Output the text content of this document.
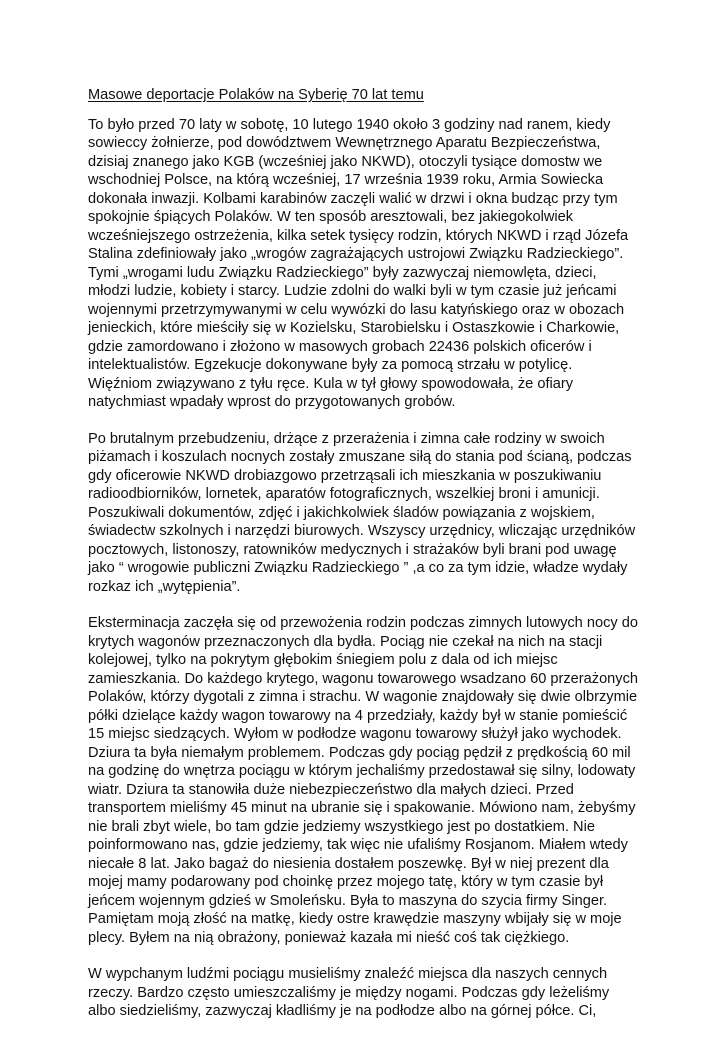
Masowe deportacje Polaków na Syberię 70 lat temu

To było przed 70 laty w sobotę, 10 lutego 1940 około 3 godziny nad ranem, kiedy
sowieccy żołnierze, pod dowództwem Wewnętrznego Aparatu Bezpieczeństwa,
dzisiaj znanego jako KGB (wcześniej jako NKWD), otoczyli tysiące domostw we
wschodniej Polsce, na którą wcześniej, 17 września 1939 roku, Armia Sowiecka
dokonała inwazji. Kolbami karabinów zaczęli walić w drzwi i okna budząc przy tym
spokojnie śpiących Polaków. W ten sposób aresztowali, bez jakiegokolwiek
wcześniejszego ostrzeżenia, kilka setek tysięcy rodzin, których NKWD i rząd Józefa
Stalina zdefiniowały jako „wrogów zagrażających ustrojowi Związku Radzieckiego”.
Tymi „wrogami ludu Związku Radzieckiego” były zazwyczaj niemowlęta, dzieci,
młodzi ludzie, kobiety i starcy. Ludzie zdolni do walki byli w tym czasie już jeńcami
wojennymi przetrzymywanymi w celu wywózki do lasu katyńskiego oraz w obozach
jenieckich, które mieściły się w Kozielsku, Starobielsku i Ostaszkowie i Charkowie,
gdzie zamordowano i złożono w masowych grobach 22436 polskich oficerów i
intelektualistów. Egzekucje dokonywane były za pomocą strzału w potylicę.
Więźniom związywano z tyłu ręce. Kula w tył głowy spowodowała, że ofiary
natychmiast wpadały wprost do przygotowanych grobów.

Po brutalnym przebudzeniu, drżące z przerażenia i zimna całe rodziny w swoich
piżamach i koszulach nocnych zostały zmuszane siłą do stania pod ścianą, podczas
gdy oficerowie NKWD drobiazgowo przetrząsali ich mieszkania w poszukiwaniu
radioodbiorników, lornetek, aparatów fotograficznych, wszelkiej broni i amunicji.
Poszukiwali dokumentów, zdjęć i jakichkolwiek śladów powiązania z wojskiem,
świadectw szkolnych i narzędzi biurowych. Wszyscy urzędnicy, wliczając urzędników
pocztowych, listonoszy, ratowników medycznych i strażaków byli brani pod uwagę
jako “ wrogowie publiczni Związku Radzieckiego ” ,a co za tym idzie, władze wydały
rozkaz ich „wytępienia”.

Eksterminacja zaczęła się od przewożenia rodzin podczas zimnych lutowych nocy do
krytych wagonów przeznaczonych dla bydła. Pociąg nie czekał na nich na stacji
kolejowej, tylko na pokrytym głębokim śniegiem polu z dala od ich miejsc
zamieszkania. Do każdego krytego, wagonu towarowego wsadzano 60 przerażonych
Polaków, którzy dygotali z zimna i strachu. W wagonie znajdowały się dwie olbrzymie
półki dzielące każdy wagon towarowy na 4 przedziały, każdy był w stanie pomieścić
15 miejsc siedzących. Wyłom w podłodze wagonu towarowy służył jako wychodek.
Dziura ta była niemałym problemem. Podczas gdy pociąg pędził z prędkością 60 mil
na godzinę do wnętrza pociągu w którym jechaliśmy przedostawał się silny, lodowaty
wiatr. Dziura ta stanowiła duże niebezpieczeństwo dla małych dzieci. Przed
transportem mieliśmy 45 minut na ubranie się i spakowanie. Mówiono nam, żebyśmy
nie brali zbyt wiele, bo tam gdzie jedziemy wszystkiego jest po dostatkiem. Nie
poinformowano nas, gdzie jedziemy, tak więc nie ufaliśmy Rosjanom. Miałem wtedy
niecałe 8 lat. Jako bagaż do niesienia dostałem poszewkę. Był w niej prezent dla
mojej mamy podarowany pod choinkę przez mojego tatę, który w tym czasie był
jeńcem wojennym gdzieś w Smoleńsku. Była to maszyna do szycia firmy Singer.
Pamiętam moją złość na matkę, kiedy ostre krawędzie maszyny wbijały się w moje
plecy. Byłem na nią obrażony, ponieważ kazała mi nieść coś tak ciężkiego.

W wypchanym ludźmi pociągu musieliśmy znaleźć miejsca dla naszych cennych
rzeczy. Bardzo często umieszczaliśmy je między nogami. Podczas gdy leżeliśmy
albo siedzieliśmy, zazwyczaj kładliśmy je na podłodze albo na górnej półce. Ci,
